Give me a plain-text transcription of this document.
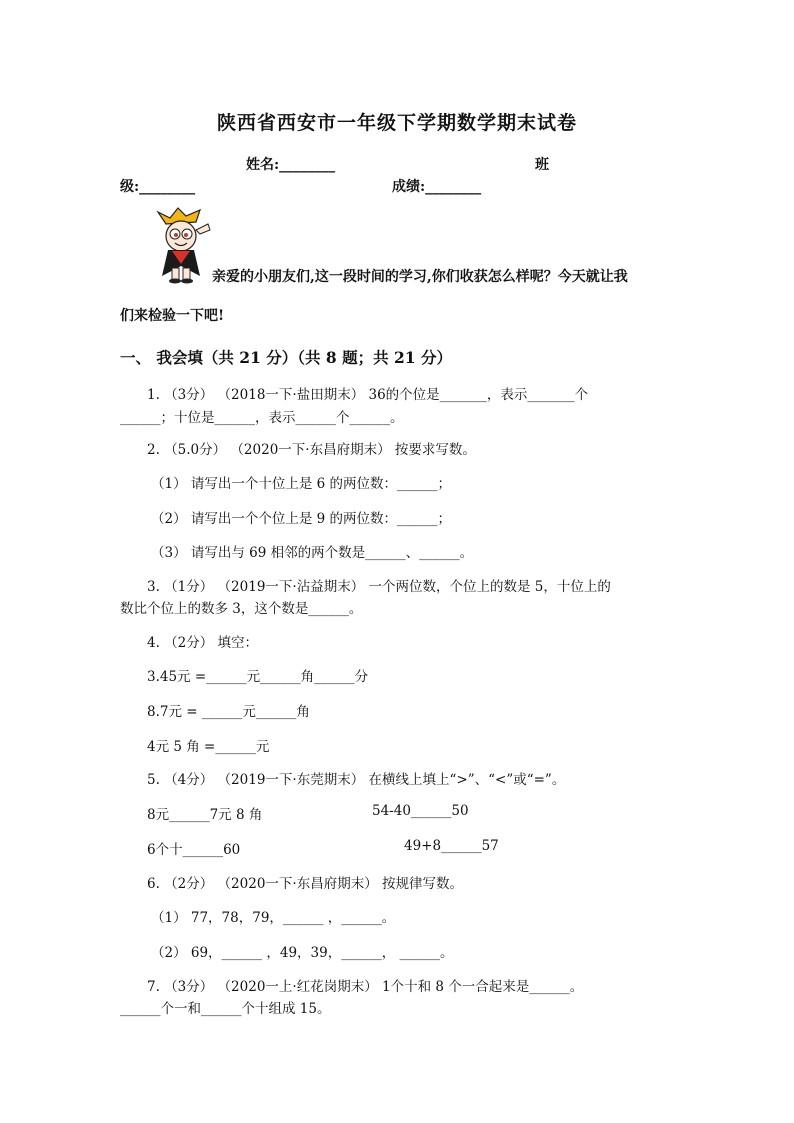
陕西省西安市一年级下学期数学期末试卷
姓名:________	班
级:________	成绩:________
亲爱的小朋友们,这一段时间的学习,你们收获怎么样呢？今天就让我
们来检验一下吧!
一、 我会填（共 21 分）（共 8 题；共 21 分）
1. （3分） （2018一下·盐田期末） 36的个位是_______，表示_______个
______；十位是______，表示______个______。
2. （5.0分） （2020一下·东昌府期末） 按要求写数。
（1） 请写出一个十位上是 6 的两位数：______；
（2） 请写出一个个位上是 9 的两位数：______；
（3） 请写出与 69 相邻的两个数是______、______。
3. （1分） （2019一下·沾益期末） 一个两位数，个位上的数是 5，十位上的
数比个位上的数多 3，这个数是______。
4. （2分） 填空：
3.45元 =______元______角______分
8.7元 = ______元______角
4元 5 角 =______元
5. （4分） （2019一下·东莞期末） 在横线上填上“>”、“<”或“=”。
8元______7元 8 角	54-40______50
6个十______60	49+8______57
6. （2分） （2020一下·东昌府期末） 按规律写数。
（1） 77，78，79，______ ，______。
（2） 69，______ ，49，39，______， ______。
7. （3分） （2020一上·红花岗期末） 1个十和 8 个一合起来是______。
______个一和______个十组成 15。
